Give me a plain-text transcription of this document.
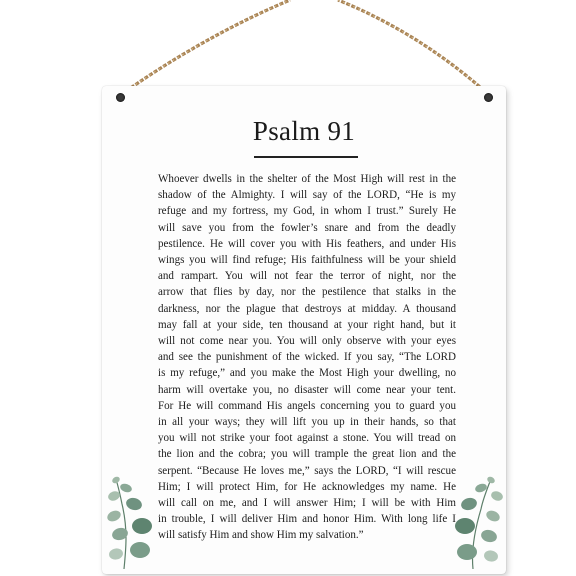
Psalm 91
Whoever dwells in the shelter of the Most High will rest in the
shadow of the Almighty. I will say of the LORD, “He is my
refuge and my fortress, my God, in whom I trust.” Surely He
will save you from the fowler’s snare and from the deadly
pestilence. He will cover you with His feathers, and under His
wings you will find refuge; His faithfulness will be your shield
and rampart. You will not fear the terror of night, nor the
arrow that flies by day, nor the pestilence that stalks in the
darkness, nor the plague that destroys at midday. A thousand
may fall at your side, ten thousand at your right hand, but it
will not come near you. You will only observe with your eyes
and see the punishment of the wicked. If you say, “The LORD
is my refuge,” and you make the Most High your dwelling, no
harm will overtake you, no disaster will come near your tent.
For He will command His angels concerning you to guard you
in all your ways; they will lift you up in their hands, so that
you will not strike your foot against a stone. You will tread on
the lion and the cobra; you will trample the great lion and the
serpent. “Because He loves me,” says the LORD, “I will rescue
Him; I will protect Him, for He acknowledges my name. He
will call on me, and I will answer Him; I will be with Him
in trouble, I will deliver Him and honor Him. With long life I
will satisfy Him and show Him my salvation.”
